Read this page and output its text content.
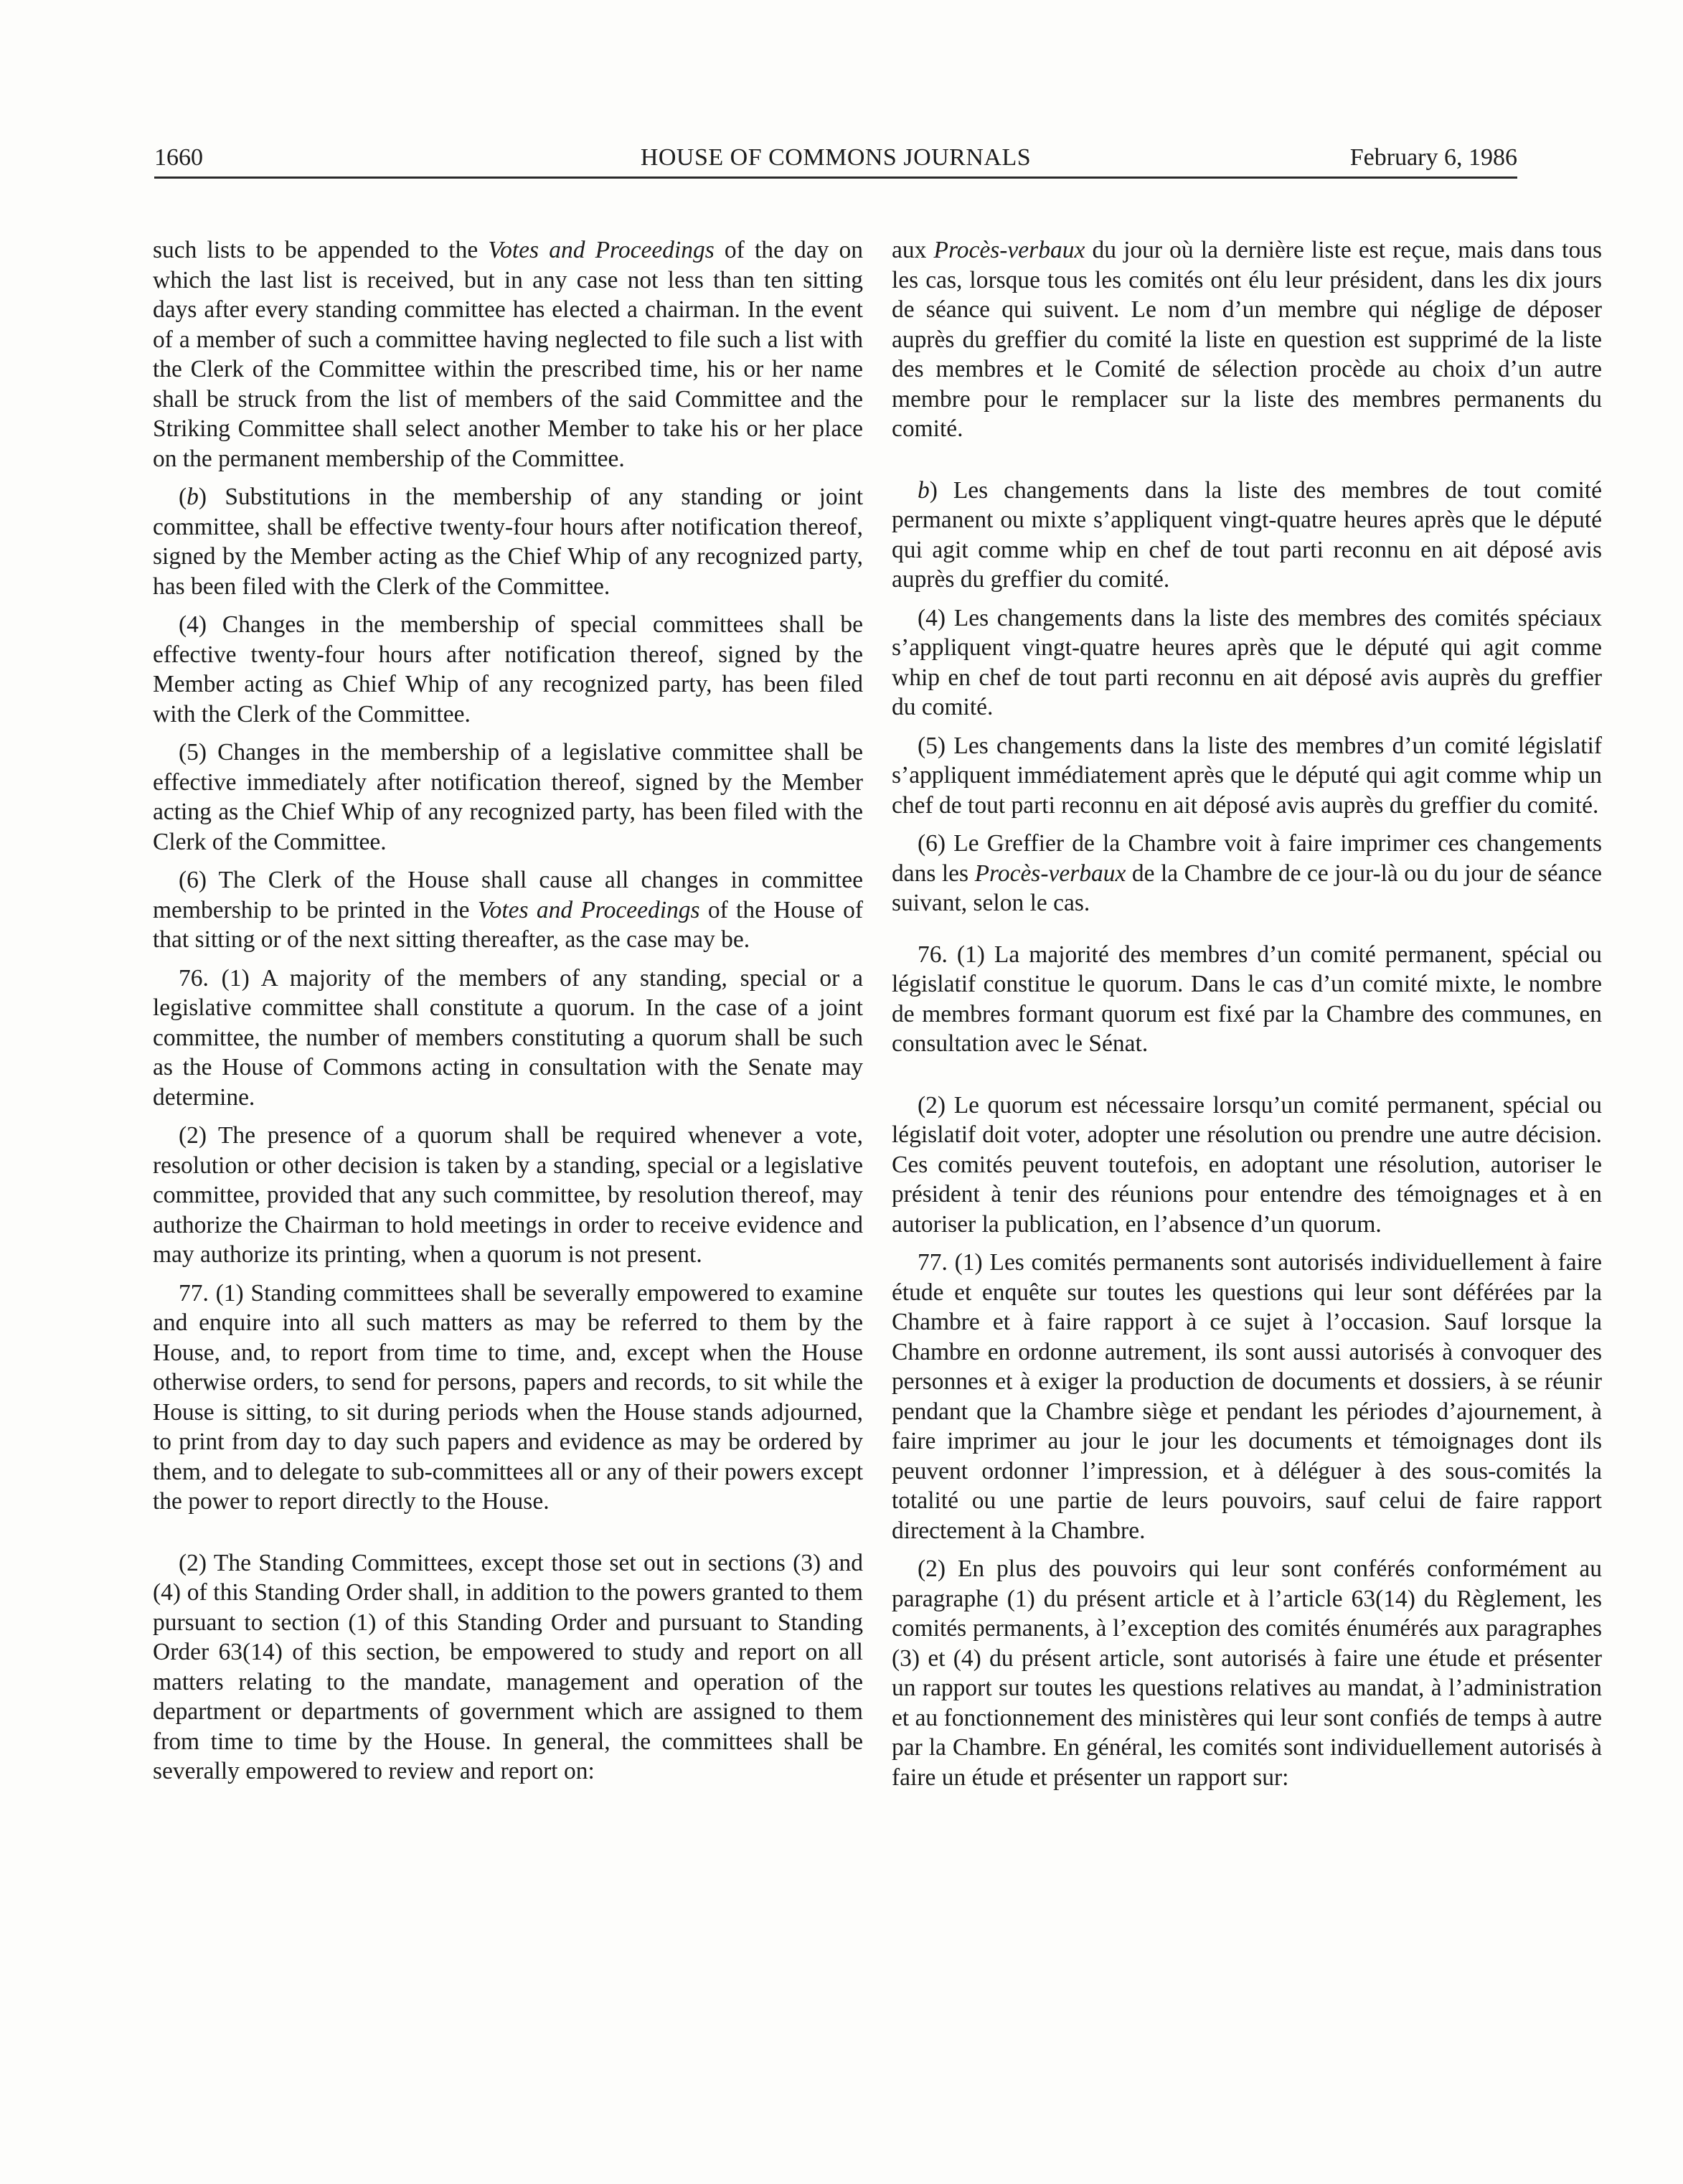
1660	HOUSE OF COMMONS JOURNALS	February 6, 1986

such lists to be appended to the Votes and Proceedings of the day on which the last list is received, but in any case not less than ten sitting days after every standing committee has elected a chairman. In the event of a member of such a committee having neglected to file such a list with the Clerk of the Committee within the prescribed time, his or her name shall be struck from the list of members of the said Committee and the Striking Committee shall select another Member to take his or her place on the permanent membership of the Committee.

(b) Substitutions in the membership of any standing or joint committee, shall be effective twenty-four hours after notification thereof, signed by the Member acting as the Chief Whip of any recognized party, has been filed with the Clerk of the Committee.

(4) Changes in the membership of special committees shall be effective twenty-four hours after notification thereof, signed by the Member acting as Chief Whip of any recognized party, has been filed with the Clerk of the Committee.

(5) Changes in the membership of a legislative committee shall be effective immediately after notification thereof, signed by the Member acting as the Chief Whip of any recognized party, has been filed with the Clerk of the Committee.

(6) The Clerk of the House shall cause all changes in committee membership to be printed in the Votes and Proceedings of the House of that sitting or of the next sitting thereafter, as the case may be.

76. (1) A majority of the members of any standing, special or a legislative committee shall constitute a quorum. In the case of a joint committee, the number of members constituting a quorum shall be such as the House of Commons acting in consultation with the Senate may determine.

(2) The presence of a quorum shall be required whenever a vote, resolution or other decision is taken by a standing, special or a legislative committee, provided that any such committee, by resolution thereof, may authorize the Chairman to hold meetings in order to receive evidence and may authorize its printing, when a quorum is not present.

77. (1) Standing committees shall be severally empowered to examine and enquire into all such matters as may be referred to them by the House, and, to report from time to time, and, except when the House otherwise orders, to send for persons, papers and records, to sit while the House is sitting, to sit during periods when the House stands adjourned, to print from day to day such papers and evidence as may be ordered by them, and to delegate to sub-committees all or any of their powers except the power to report directly to the House.

(2) The Standing Committees, except those set out in sections (3) and (4) of this Standing Order shall, in addition to the powers granted to them pursuant to section (1) of this Standing Order and pursuant to Standing Order 63(14) of this section, be empowered to study and report on all matters relating to the mandate, management and operation of the department or departments of government which are assigned to them from time to time by the House. In general, the committees shall be severally empowered to review and report on:

aux Procès-verbaux du jour où la dernière liste est reçue, mais dans tous les cas, lorsque tous les comités ont élu leur président, dans les dix jours de séance qui suivent. Le nom d’un membre qui néglige de déposer auprès du greffier du comité la liste en question est supprimé de la liste des membres et le Comité de sélection procède au choix d’un autre membre pour le remplacer sur la liste des membres permanents du comité.

b) Les changements dans la liste des membres de tout comité permanent ou mixte s’appliquent vingt-quatre heures après que le député qui agit comme whip en chef de tout parti reconnu en ait déposé avis auprès du greffier du comité.

(4) Les changements dans la liste des membres des comités spéciaux s’appliquent vingt-quatre heures après que le député qui agit comme whip en chef de tout parti reconnu en ait déposé avis auprès du greffier du comité.

(5) Les changements dans la liste des membres d’un comité législatif s’appliquent immédiatement après que le député qui agit comme whip un chef de tout parti reconnu en ait déposé avis auprès du greffier du comité.

(6) Le Greffier de la Chambre voit à faire imprimer ces changements dans les Procès-verbaux de la Chambre de ce jour-là ou du jour de séance suivant, selon le cas.

76. (1) La majorité des membres d’un comité permanent, spécial ou législatif constitue le quorum. Dans le cas d’un comité mixte, le nombre de membres formant quorum est fixé par la Chambre des communes, en consultation avec le Sénat.

(2) Le quorum est nécessaire lorsqu’un comité permanent, spécial ou législatif doit voter, adopter une résolution ou prendre une autre décision. Ces comités peuvent toutefois, en adoptant une résolution, autoriser le président à tenir des réunions pour entendre des témoignages et à en autoriser la publication, en l’absence d’un quorum.

77. (1) Les comités permanents sont autorisés individuellement à faire étude et enquête sur toutes les questions qui leur sont déférées par la Chambre et à faire rapport à ce sujet à l’occasion. Sauf lorsque la Chambre en ordonne autrement, ils sont aussi autorisés à convoquer des personnes et à exiger la production de documents et dossiers, à se réunir pendant que la Chambre siège et pendant les périodes d’ajournement, à faire imprimer au jour le jour les documents et témoignages dont ils peuvent ordonner l’impression, et à déléguer à des sous-comités la totalité ou une partie de leurs pouvoirs, sauf celui de faire rapport directement à la Chambre.

(2) En plus des pouvoirs qui leur sont conférés conformément au paragraphe (1) du présent article et à l’article 63(14) du Règlement, les comités permanents, à l’exception des comités énumérés aux paragraphes (3) et (4) du présent article, sont autorisés à faire une étude et présenter un rapport sur toutes les questions relatives au mandat, à l’administration et au fonctionnement des ministères qui leur sont confiés de temps à autre par la Chambre. En général, les comités sont individuellement autorisés à faire un étude et présenter un rapport sur:
